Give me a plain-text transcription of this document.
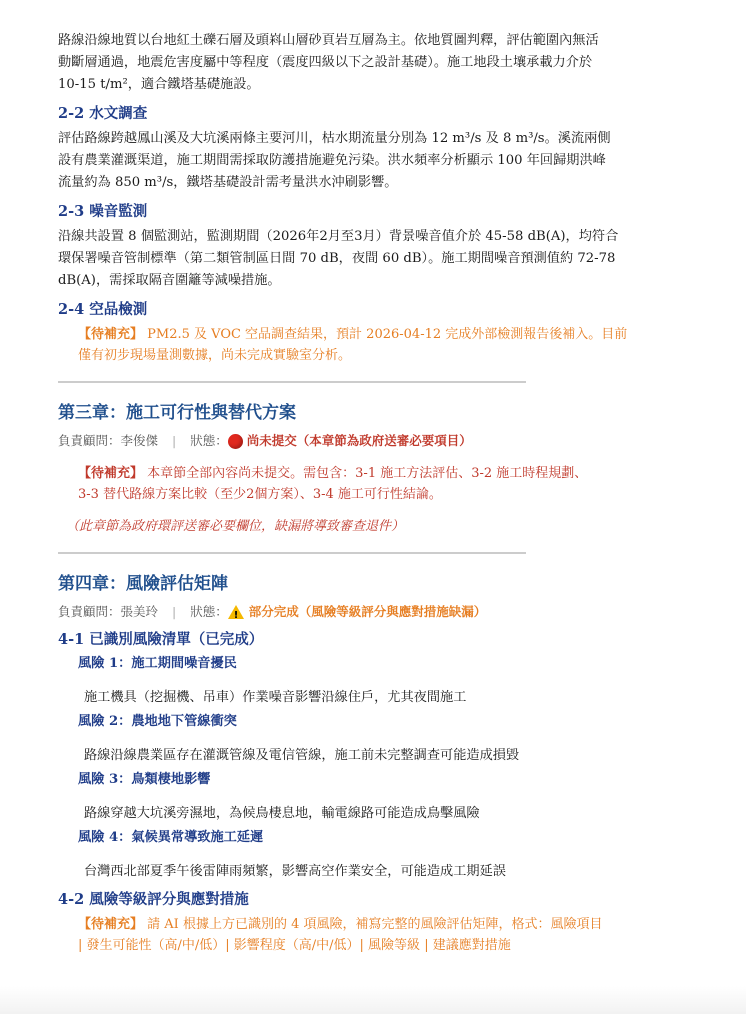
路線沿線地質以台地紅土礫石層及頭嵙山層砂頁岩互層為主。依地質圖判釋，評估範圍內無活
動斷層通過，地震危害度屬中等程度（震度四級以下之設計基礎）。施工地段土壤承載力介於
10-15 t/m²，適合鐵塔基礎施設。

2-2 水文調查

評估路線跨越鳳山溪及大坑溪兩條主要河川，枯水期流量分別為 12 m³/s 及 8 m³/s。溪流兩側
設有農業灌溉渠道，施工期間需採取防護措施避免污染。洪水頻率分析顯示 100 年回歸期洪峰
流量約為 850 m³/s，鐵塔基礎設計需考量洪水沖刷影響。

2-3 噪音監測

沿線共設置 8 個監測站，監測期間（2026年2月至3月）背景噪音值介於 45-58 dB(A)，均符合
環保署噪音管制標準（第二類管制區日間 70 dB，夜間 60 dB）。施工期間噪音預測值約 72-78
dB(A)，需採取隔音圍籬等減噪措施。

2-4 空品檢測

【待補充】 PM2.5 及 VOC 空品調查結果，預計 2026-04-12 完成外部檢測報告後補入。目前
僅有初步現場量測數據，尚未完成實驗室分析。

第三章：施工可行性與替代方案
負責顧問： 李俊傑 | 狀態： 尚未提交（本章節為政府送審必要項目）

【待補充】 本章節全部內容尚未提交。需包含：3-1 施工方法評估、3-2 施工時程規劃、
3-3 替代路線方案比較（至少2個方案）、3-4 施工可行性結論。

（此章節為政府環評送審必要欄位，缺漏將導致審查退件）

第四章：風險評估矩陣
負責顧問： 張美玲 | 狀態：
! 部分完成（風險等級評分與應對措施缺漏）
4-1 已識別風險清單（已完成）
風險 1：施工期間噪音擾民
施工機具（挖掘機、吊車）作業噪音影響沿線住戶，尤其夜間施工
風險 2：農地地下管線衝突
路線沿線農業區存在灌溉管線及電信管線，施工前未完整調查可能造成損毀
風險 3：鳥類棲地影響
路線穿越大坑溪旁濕地，為候鳥棲息地，輸電線路可能造成鳥擊風險
風險 4：氣候異常導致施工延遲
台灣西北部夏季午後雷陣雨頻繁，影響高空作業安全，可能造成工期延誤
4-2 風險等級評分與應對措施

【待補充】 請 AI 根據上方已識別的 4 項風險，補寫完整的風險評估矩陣，格式：風險項目
| 發生可能性（高/中/低）| 影響程度（高/中/低）| 風險等級 | 建議應對措施
